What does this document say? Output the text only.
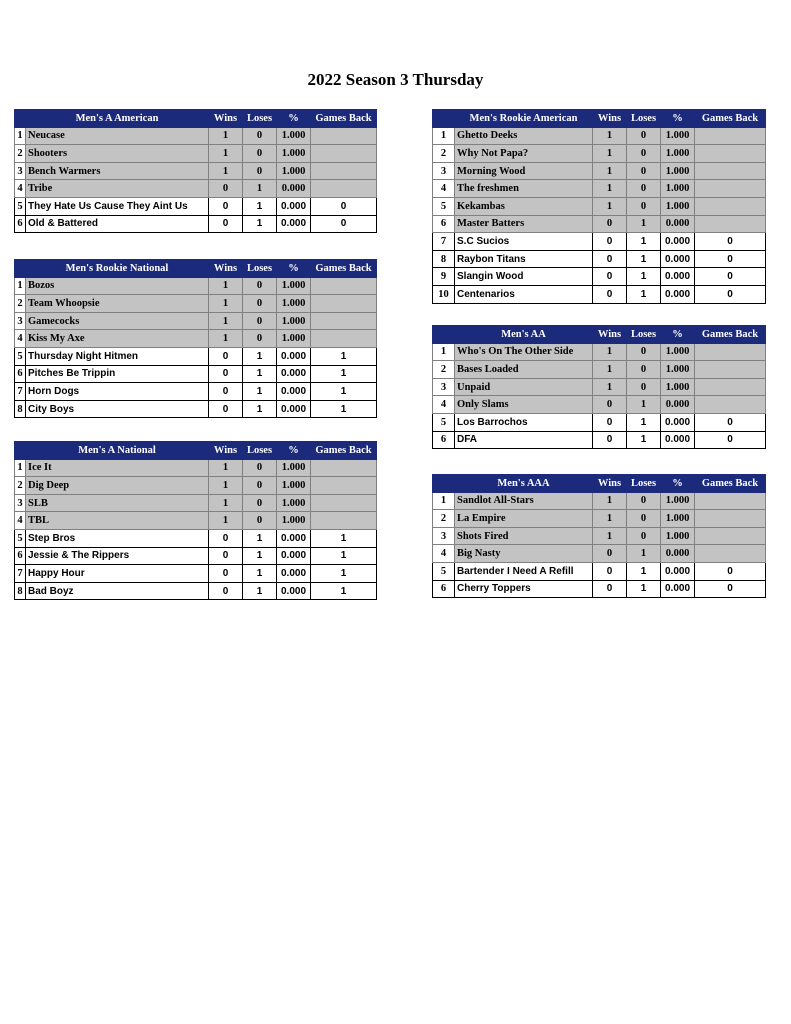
2022 Season 3 Thursday
	Men's A American	Wins	Loses	%	Games Back
1	Neucase	1	0	1.000	
2	Shooters	1	0	1.000	
3	Bench Warmers	1	0	1.000	
4	Tribe	0	1	0.000	
5	They Hate Us Cause They Aint Us	0	1	0.000	0
6	Old & Battered	0	1	0.000	0
	Men's Rookie National	Wins	Loses	%	Games Back
1	Bozos	1	0	1.000	
2	Team Whoopsie	1	0	1.000	
3	Gamecocks	1	0	1.000	
4	Kiss My Axe	1	0	1.000	
5	Thursday Night Hitmen	0	1	0.000	1
6	Pitches Be Trippin	0	1	0.000	1
7	Horn Dogs	0	1	0.000	1
8	City Boys	0	1	0.000	1
	Men's A National	Wins	Loses	%	Games Back
1	Ice It	1	0	1.000	
2	Dig Deep	1	0	1.000	
3	SLB	1	0	1.000	
4	TBL	1	0	1.000	
5	Step Bros	0	1	0.000	1
6	Jessie & The Rippers	0	1	0.000	1
7	Happy Hour	0	1	0.000	1
8	Bad Boyz	0	1	0.000	1
	Men's Rookie American	Wins	Loses	%	Games Back
1	Ghetto Deeks	1	0	1.000	
2	Why Not Papa?	1	0	1.000	
3	Morning Wood	1	0	1.000	
4	The freshmen	1	0	1.000	
5	Kekambas	1	0	1.000	
6	Master Batters	0	1	0.000	
7	S.C Sucios	0	1	0.000	0
8	Raybon Titans	0	1	0.000	0
9	Slangin Wood	0	1	0.000	0
10	Centenarios	0	1	0.000	0
	Men's AA	Wins	Loses	%	Games Back
1	Who's On The Other Side	1	0	1.000	
2	Bases Loaded	1	0	1.000	
3	Unpaid	1	0	1.000	
4	Only Slams	0	1	0.000	
5	Los Barrochos	0	1	0.000	0
6	DFA	0	1	0.000	0
	Men's AAA	Wins	Loses	%	Games Back
1	Sandlot All-Stars	1	0	1.000	
2	La Empire	1	0	1.000	
3	Shots Fired	1	0	1.000	
4	Big Nasty	0	1	0.000	
5	Bartender I Need A Refill	0	1	0.000	0
6	Cherry Toppers	0	1	0.000	0
